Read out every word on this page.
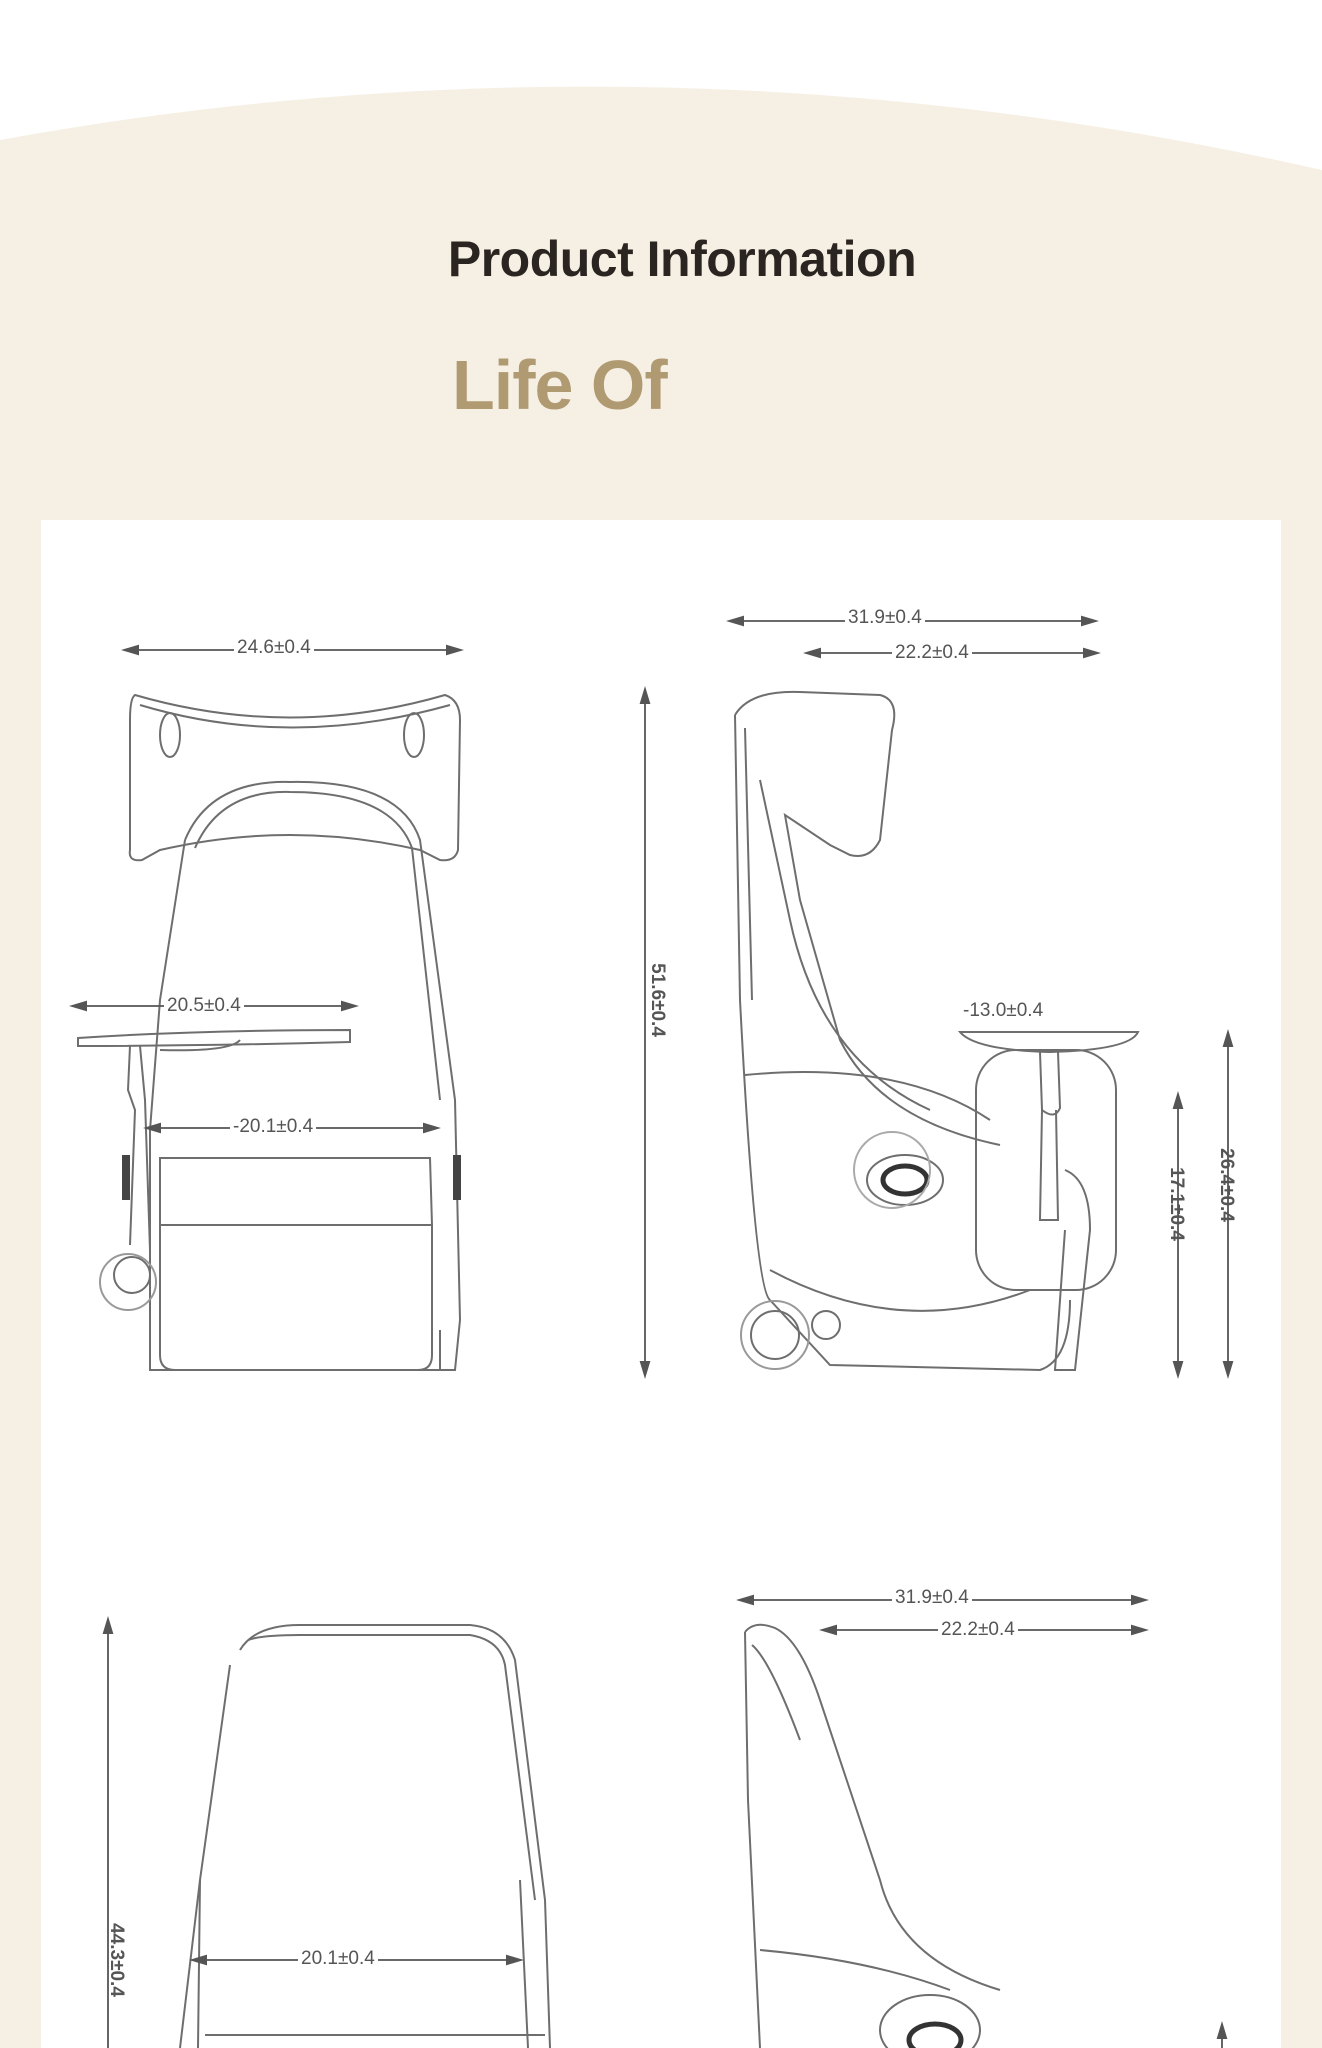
Product Information
Life Of
24.6±0.4
20.5±0.4
-20.1±0.4
51.6±0.4
31.9±0.4
22.2±0.4
-13.0±0.4
17.1±0.4 26.4±0.4
44.3±0.4	20.1±0.4
31.9±0.4
22.2±0.4
